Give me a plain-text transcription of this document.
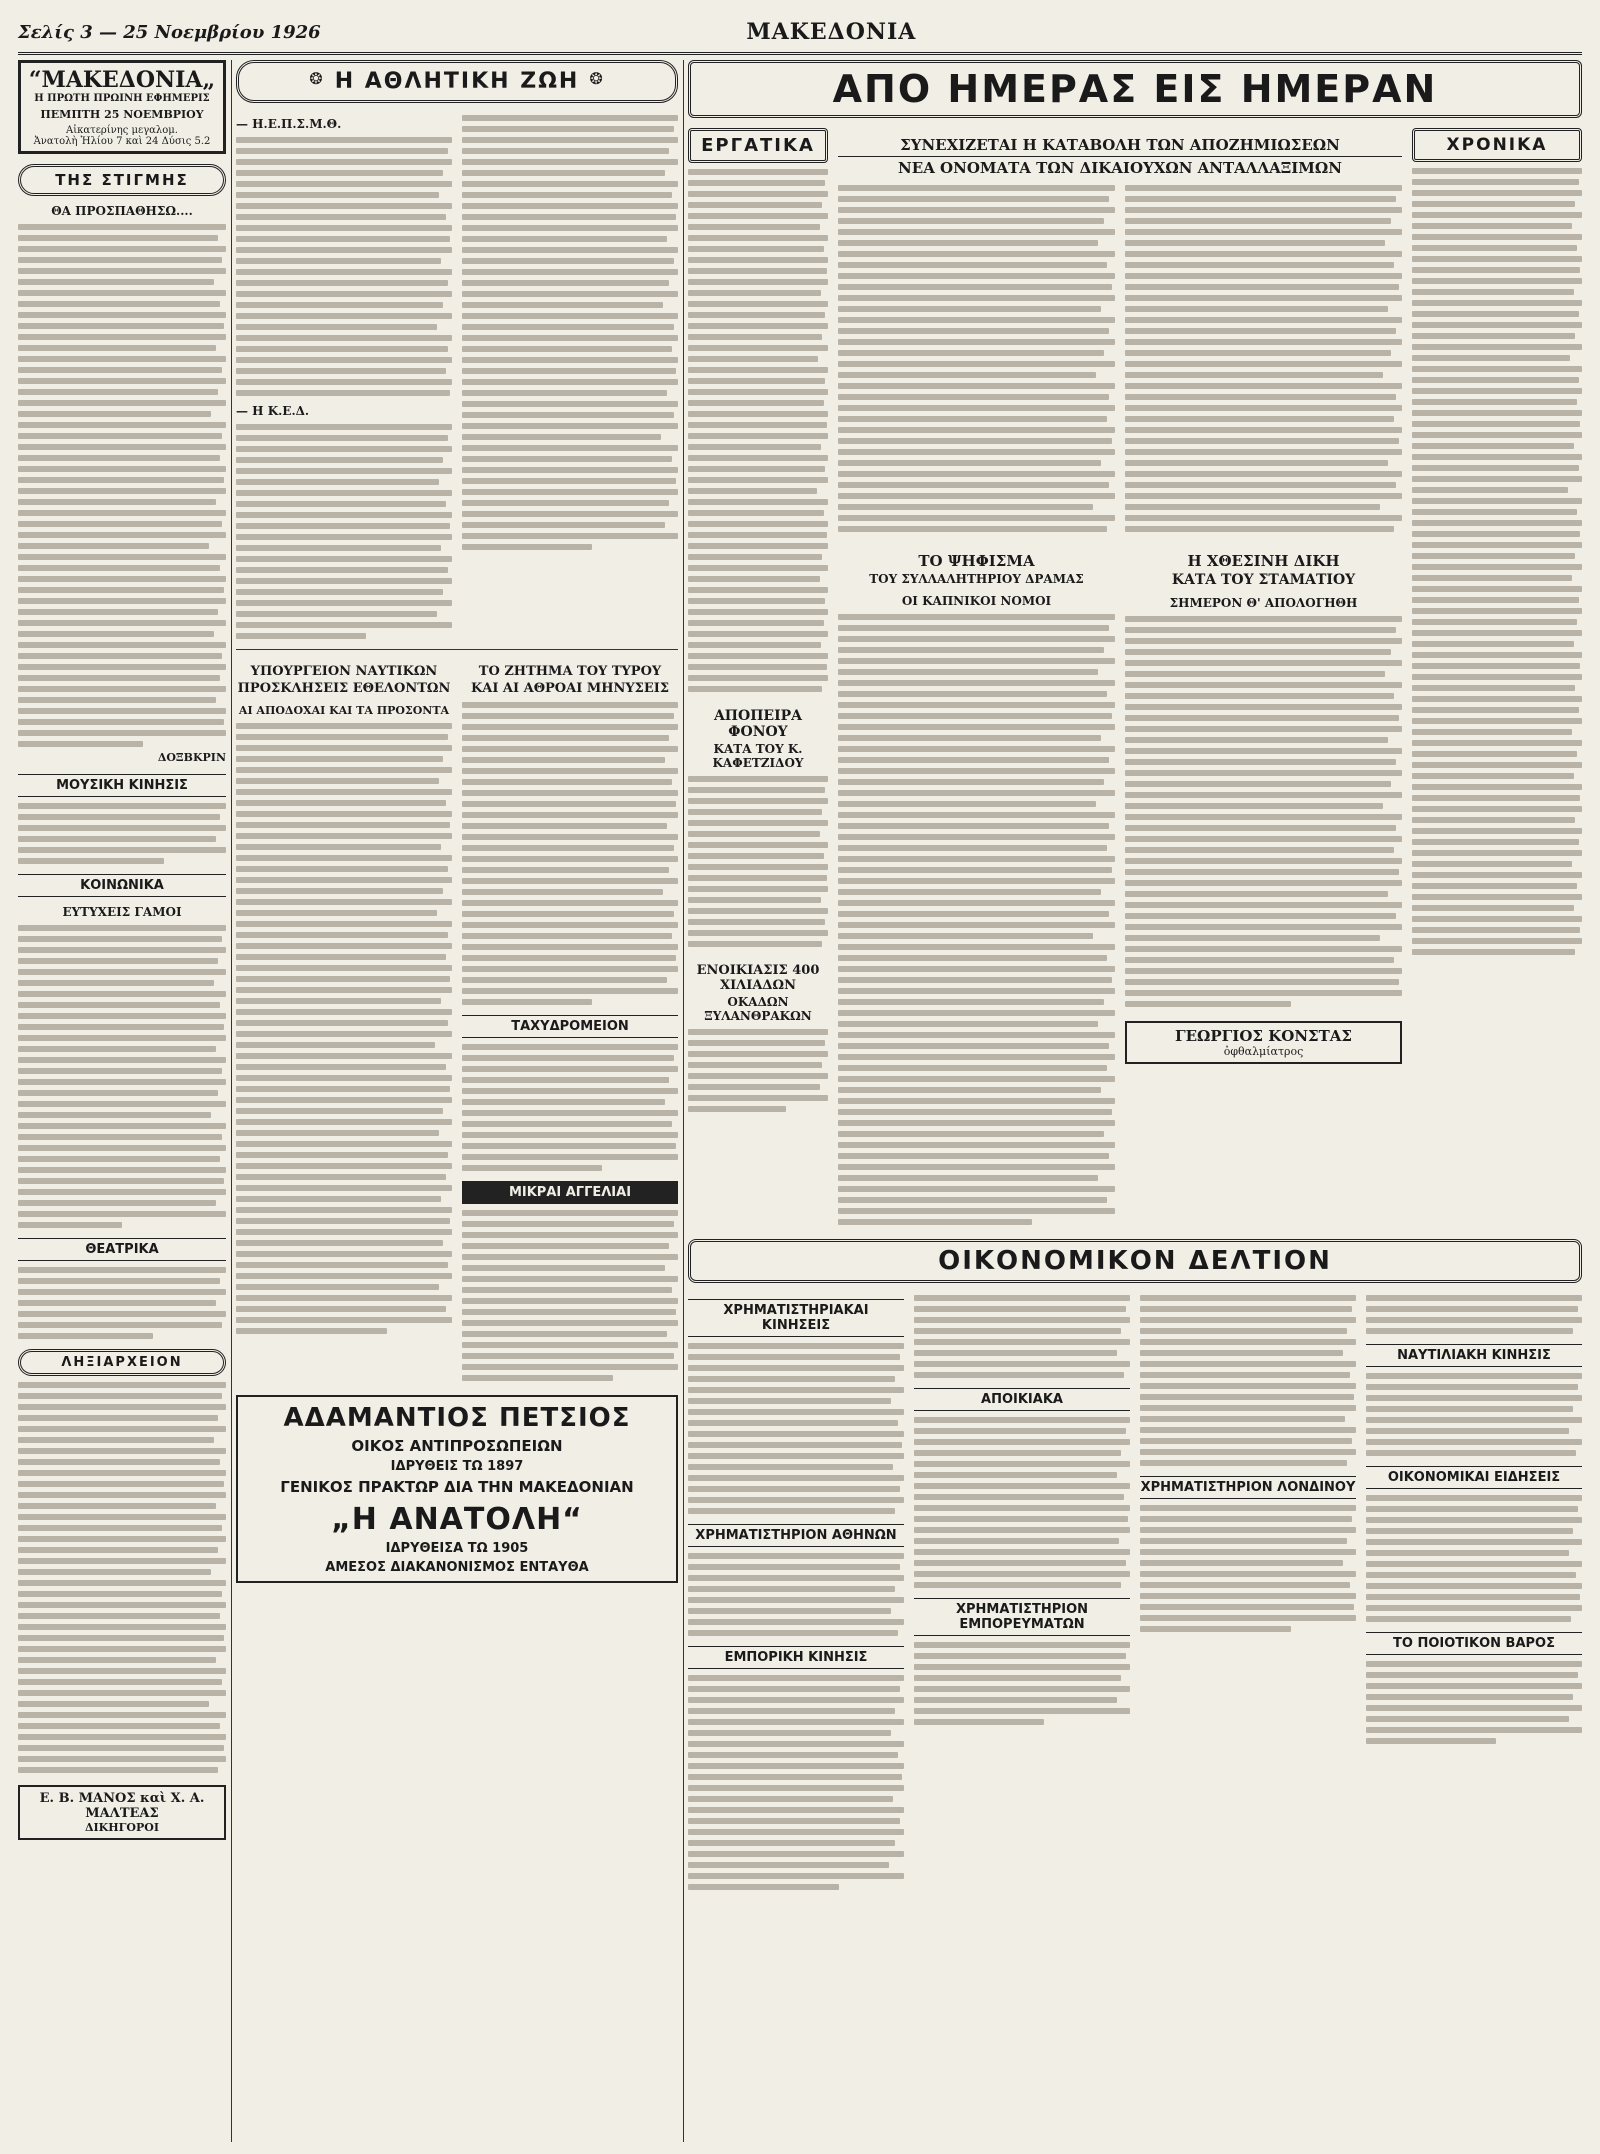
Σελίς 3 — 25 Νοεμβρίου 1926	ΜΑΚΕΔΟΝΙΑ
“ΜΑΚΕΔΟΝΙΑ„
Η ΠΡΩΤΗ ΠΡΩΙΝΗ ΕΦΗΜΕΡΙΣ
ΠΕΜΠΤΗ 25 ΝΟΕΜΒΡΙΟΥ
Αἰκατερίνης μεγαλομ.
Ἀνατολὴ Ἡλίου 7 καὶ 24 Δύσις 5.2
ΤΗΣ ΣΤΙΓΜΗΣ
ΘΑ ΠΡΟΣΠΑΘΗΣΩ....
ΔΟΞΒΚΡΙΝ
ΜΟΥΣΙΚΗ ΚΙΝΗΣΙΣ
ΚΟΙΝΩΝΙΚΑ
ΕΥΤΥΧΕΙΣ ΓΑΜΟΙ
ΘΕΑΤΡΙΚΑ
ΛΗΞΙΑΡΧΕΙΟΝ
Ε. Β. ΜΑΝΟΣ καὶ Χ. Α. ΜΑΛΤΕΑΣ
ΔΙΚΗΓΟΡΟΙ
❂ Η ΑΘΛΗΤΙΚΗ ΖΩΗ ❂
— Η.Ε.Π.Σ.Μ.Θ.
— Η Κ.Ε.Δ.
ΥΠΟΥΡΓΕΙΟΝ ΝΑΥΤΙΚΩΝ
ΠΡΟΣΚΛΗΣΕΙΣ ΕΘΕΛΟΝΤΩΝ
ΑΙ ΑΠΟΔΟΧΑΙ ΚΑΙ ΤΑ ΠΡΟΣΟΝΤΑ
ΤΟ ΖΗΤΗΜΑ ΤΟΥ ΤΥΡΟΥ
ΚΑΙ ΑΙ ΑΘΡΟΑΙ ΜΗΝΥΣΕΙΣ
ΤΑΧΥΔΡΟΜΕΙΟΝ
ΜΙΚΡΑΙ ΑΓΓΕΛΙΑΙ
ΑΔΑΜΑΝΤΙΟΣ ΠΕΤΣΙΟΣ
ΟΙΚΟΣ ΑΝΤΙΠΡΟΣΩΠΕΙΩΝ
ΙΔΡΥΘΕΙΣ ΤΩ 1897
ΓΕΝΙΚΟΣ ΠΡΑΚΤΩΡ ΔΙΑ ΤΗΝ ΜΑΚΕΔΟΝΙΑΝ
„Η ΑΝΑΤΟΛΗ“
ΙΔΡΥΘΕΙΣΑ ΤΩ 1905
ΑΜΕΣΟΣ ΔΙΑΚΑΝΟΝΙΣΜΟΣ ΕΝΤΑΥΘΑ
ΑΠΟ ΗΜΕΡΑΣ ΕΙΣ ΗΜΕΡΑΝ
ΕΡΓΑΤΙΚΑ
ΑΠΟΠΕΙΡΑ ΦΟΝΟΥ
ΚΑΤΑ ΤΟΥ Κ. ΚΑΦΕΤΖΙΔΟΥ
ΕΝΟΙΚΙΑΣΙΣ 400 ΧΙΛΙΑΔΩΝ
ΟΚΑΔΩΝ ΞΥΛΑΝΘΡΑΚΩΝ
ΣΥΝΕΧΙΖΕΤΑΙ Η ΚΑΤΑΒΟΛΗ ΤΩΝ ΑΠΟΖΗΜΙΩΣΕΩΝ
ΝΕΑ ΟΝΟΜΑΤΑ ΤΩΝ ΔΙΚΑΙΟΥΧΩΝ ΑΝΤΑΛΛΑΞΙΜΩΝ
ΤΟ ΨΗΦΙΣΜΑ
ΤΟΥ ΣΥΛΛΑΛΗΤΗΡΙΟΥ ΔΡΑΜΑΣ
ΟΙ ΚΑΠΝΙΚΟΙ ΝΟΜΟΙ
Η ΧΘΕΣΙΝΗ ΔΙΚΗ
ΚΑΤΑ ΤΟΥ ΣΤΑΜΑΤΙΟΥ
ΣΗΜΕΡΟΝ Θ' ΑΠΟΛΟΓΗΘΗ
ΓΕΩΡΓΙΟΣ ΚΟΝΣΤΑΣ
ὀφθαλμίατρος
ΧΡΟΝΙΚΑ
ΟΙΚΟΝΟΜΙΚΟΝ ΔΕΛΤΙΟΝ
ΧΡΗΜΑΤΙΣΤΗΡΙΑΚΑΙ ΚΙΝΗΣΕΙΣ
ΧΡΗΜΑΤΙΣΤΗΡΙΟΝ ΑΘΗΝΩΝ
ΕΜΠΟΡΙΚΗ ΚΙΝΗΣΙΣ
ΑΠΟΙΚΙΑΚΑ
ΧΡΗΜΑΤΙΣΤΗΡΙΟΝ ΕΜΠΟΡΕΥΜΑΤΩΝ
ΧΡΗΜΑΤΙΣΤΗΡΙΟΝ ΛΟΝΔΙΝΟΥ
ΝΑΥΤΙΛΙΑΚΗ ΚΙΝΗΣΙΣ
ΟΙΚΟΝΟΜΙΚΑΙ ΕΙΔΗΣΕΙΣ
ΤΟ ΠΟΙΟΤΙΚΟΝ ΒΑΡΟΣ
